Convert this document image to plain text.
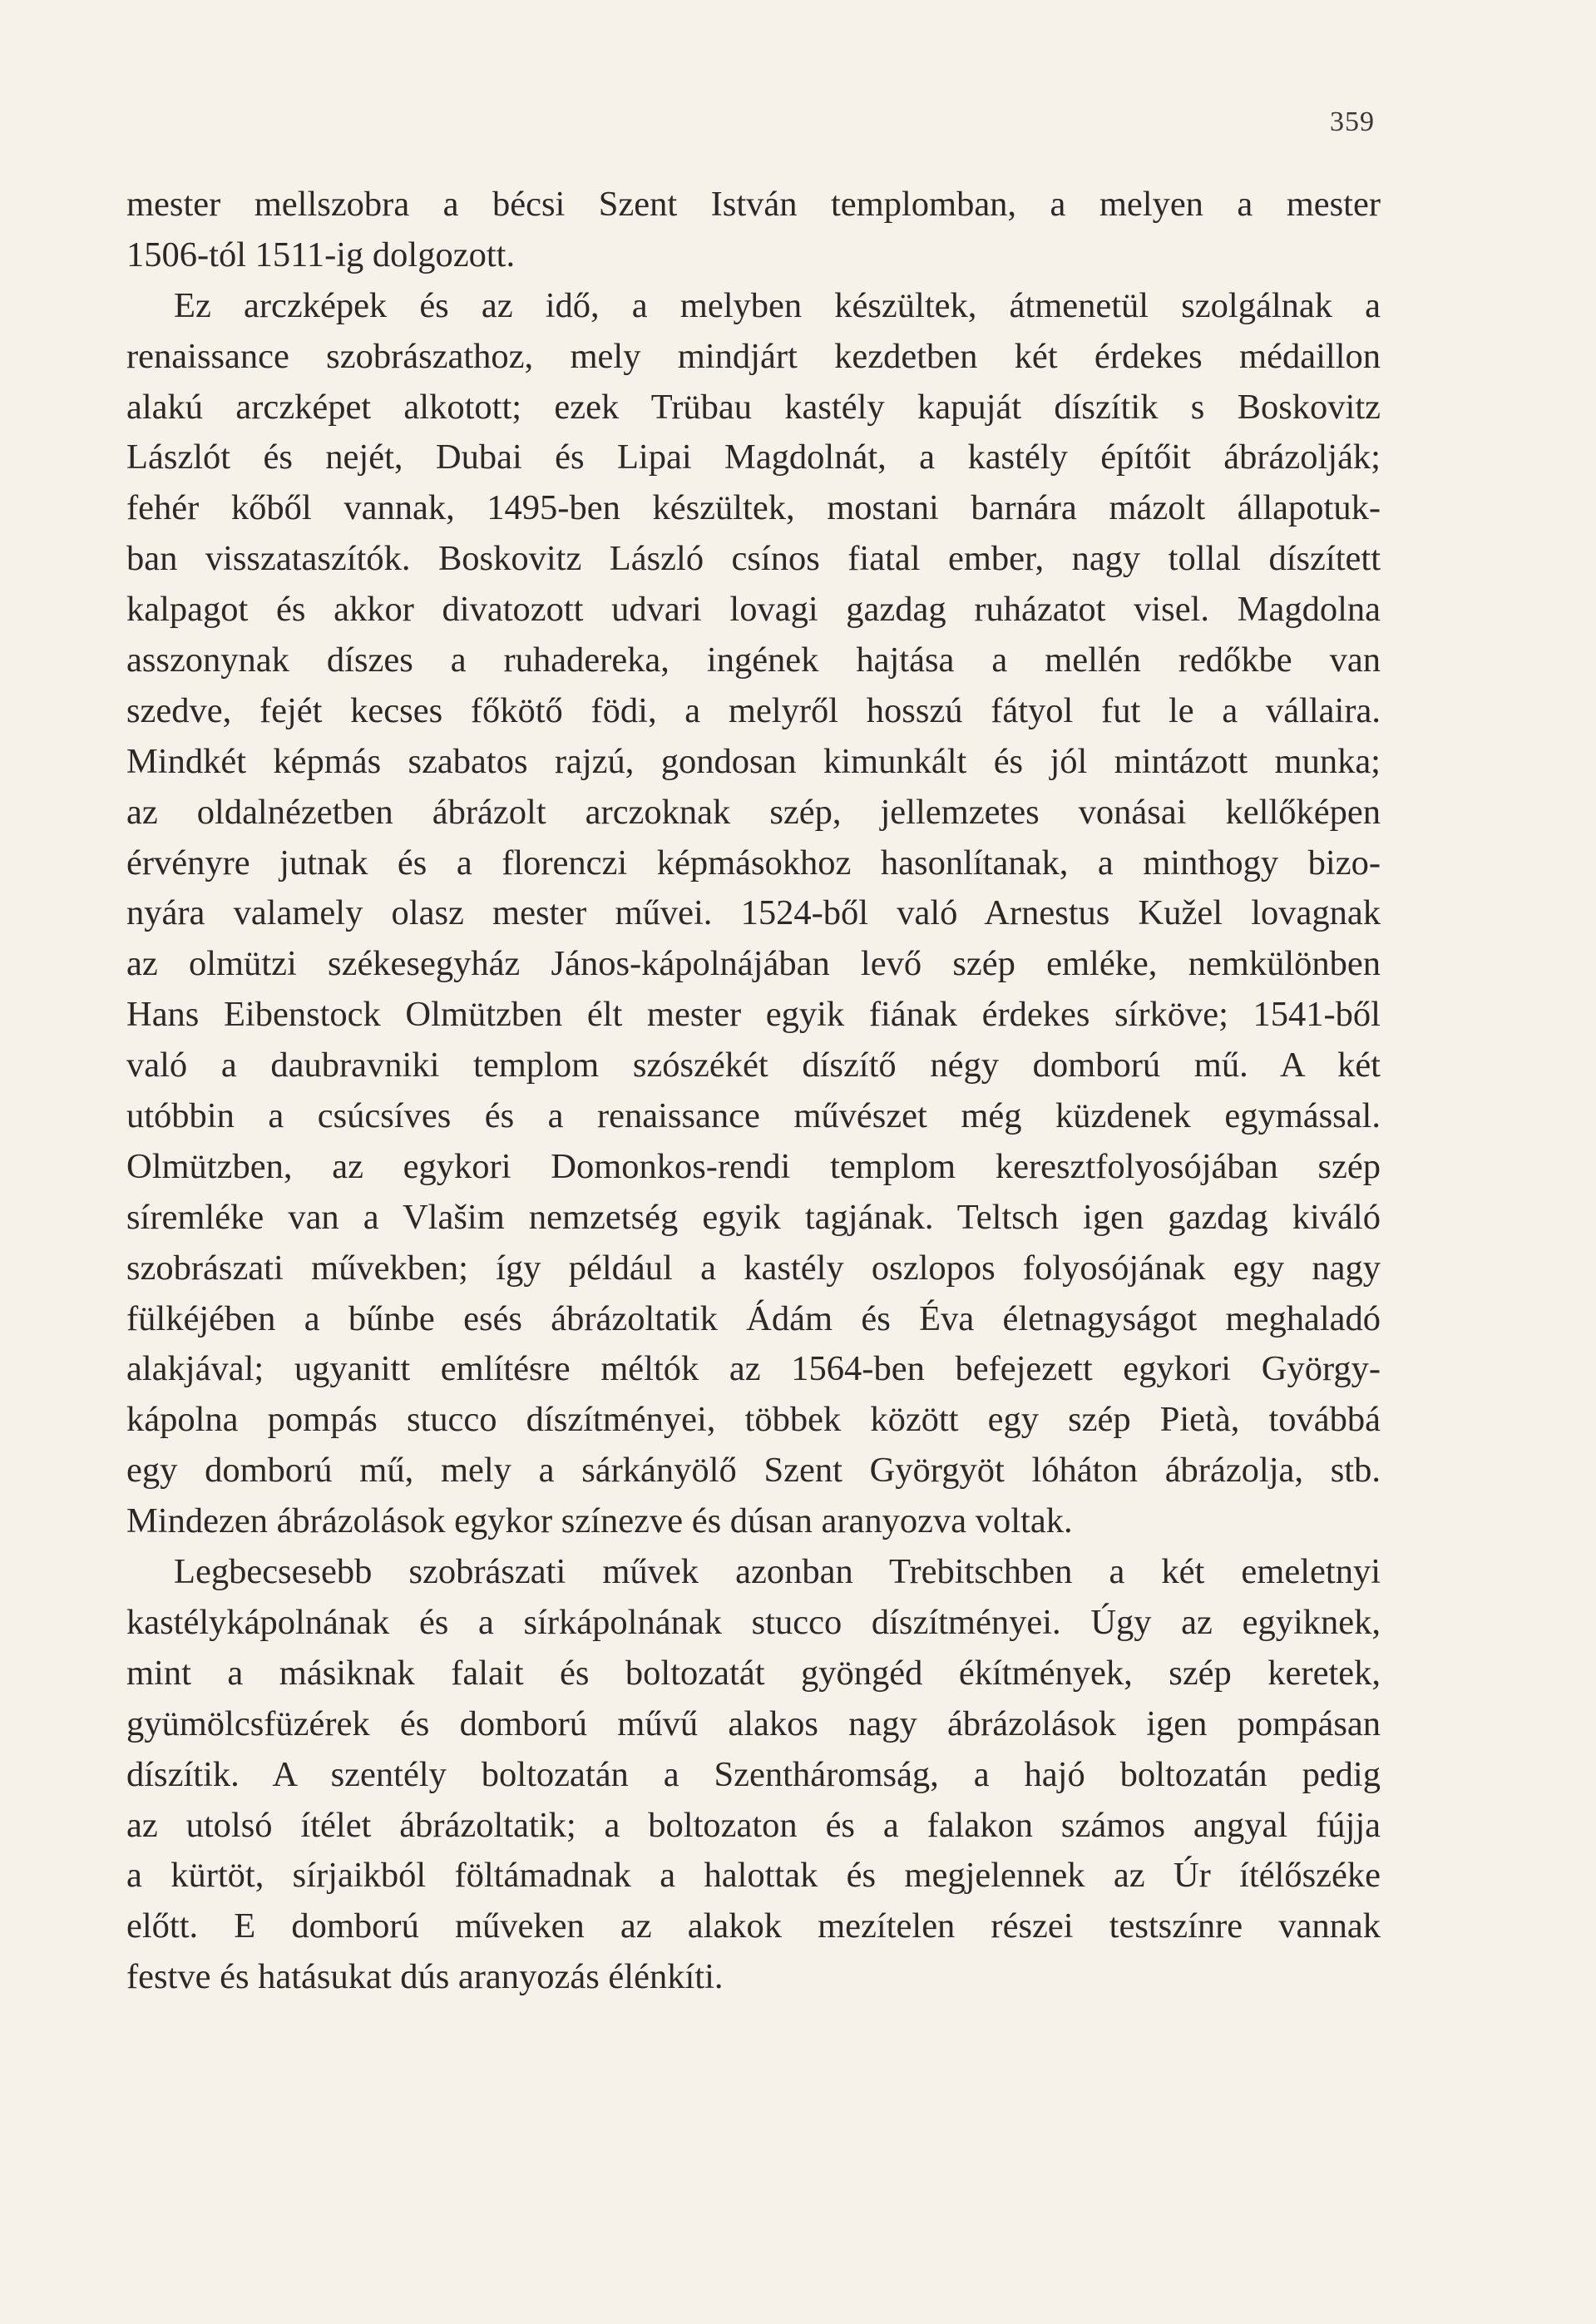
359
mester mellszobra a bécsi Szent István templomban, a melyen a mester
1506-tól 1511-ig dolgozott.
Ez arczképek és az idő, a melyben készültek, átmenetül szolgálnak a
renaissance szobrászathoz, mely mindjárt kezdetben két érdekes médaillon
alakú arczképet alkotott; ezek Trübau kastély kapuját díszítik s Boskovitz
Lászlót és nejét, Dubai és Lipai Magdolnát, a kastély építőit ábrázolják;
fehér kőből vannak, 1495-ben készültek, mostani barnára mázolt állapotuk-
ban visszataszítók. Boskovitz László csínos fiatal ember, nagy tollal díszített
kalpagot és akkor divatozott udvari lovagi gazdag ruházatot visel. Magdolna
asszonynak díszes a ruhadereka, ingének hajtása a mellén redőkbe van
szedve, fejét kecses főkötő födi, a melyről hosszú fátyol fut le a vállaira.
Mindkét képmás szabatos rajzú, gondosan kimunkált és jól mintázott munka;
az oldalnézetben ábrázolt arczoknak szép, jellemzetes vonásai kellőképen
érvényre jutnak és a florenczi képmásokhoz hasonlítanak, a minthogy bizo-
nyára valamely olasz mester művei. 1524-ből való Arnestus Kužel lovagnak
az olmützi székesegyház János-kápolnájában levő szép emléke, nemkülönben
Hans Eibenstock Olmützben élt mester egyik fiának érdekes sírköve; 1541-ből
való a daubravniki templom szószékét díszítő négy domború mű. A két
utóbbin a csúcsíves és a renaissance művészet még küzdenek egymással.
Olmützben, az egykori Domonkos-rendi templom keresztfolyosójában szép
síremléke van a Vlašim nemzetség egyik tagjának. Teltsch igen gazdag kiváló
szobrászati művekben; így például a kastély oszlopos folyosójának egy nagy
fülkéjében a bűnbe esés ábrázoltatik Ádám és Éva életnagyságot meghaladó
alakjával; ugyanitt említésre méltók az 1564-ben befejezett egykori György-
kápolna pompás stucco díszítményei, többek között egy szép Pietà, továbbá
egy domború mű, mely a sárkányölő Szent Györgyöt lóháton ábrázolja, stb.
Mindezen ábrázolások egykor színezve és dúsan aranyozva voltak.
Legbecsesebb szobrászati művek azonban Trebitschben a két emeletnyi
kastélykápolnának és a sírkápolnának stucco díszítményei. Úgy az egyiknek,
mint a másiknak falait és boltozatát gyöngéd ékítmények, szép keretek,
gyümölcsfüzérek és domború művű alakos nagy ábrázolások igen pompásan
díszítik. A szentély boltozatán a Szentháromság, a hajó boltozatán pedig
az utolsó ítélet ábrázoltatik; a boltozaton és a falakon számos angyal fújja
a kürtöt, sírjaikból föltámadnak a halottak és megjelennek az Úr ítélőszéke
előtt. E domború műveken az alakok mezítelen részei testszínre vannak
festve és hatásukat dús aranyozás élénkíti.
